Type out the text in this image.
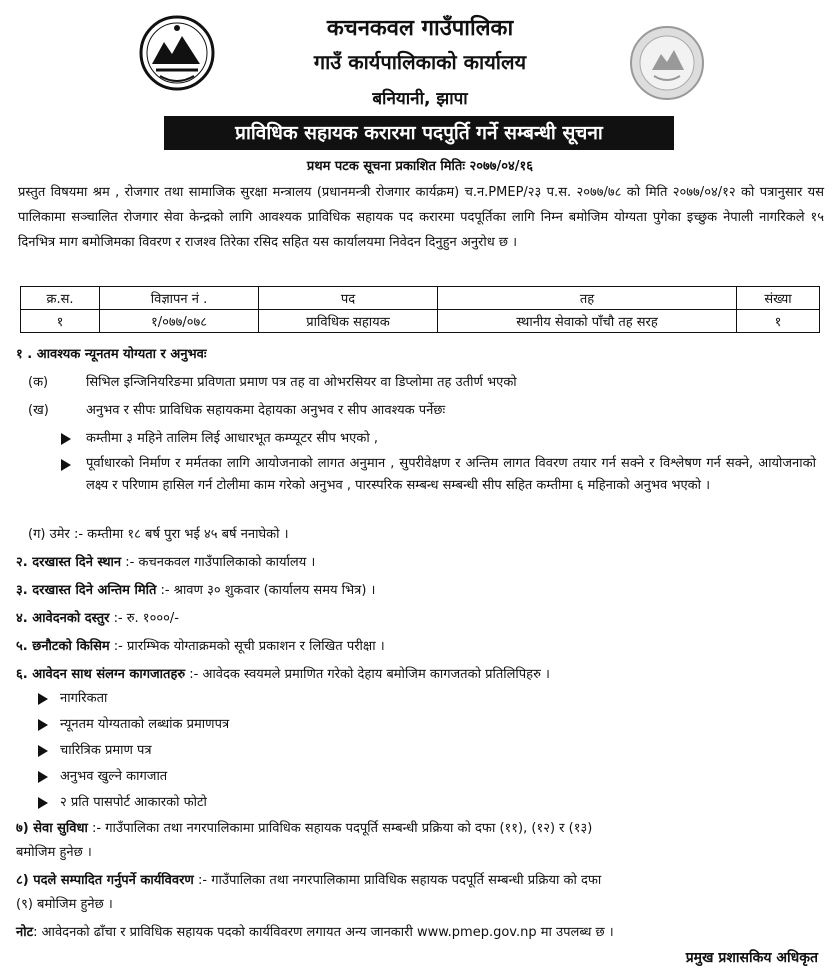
कचनकवल गाउँपालिका
गाउँ कार्यपालिकाको कार्यालय
बनियानी, झापा
प्राविधिक सहायक करारमा पदपुर्ति गर्ने सम्बन्धी सूचना
प्रथम पटक सूचना प्रकाशित मितिः २०७७/०४/१६
प्रस्तुत विषयमा श्रम , रोजगार तथा सामाजिक सुरक्षा मन्त्रालय (प्रधानमन्त्री रोजगार कार्यक्रम) च.न.PMEP/२३ प.स. २०७७/७८ को मिति २०७७/०४/१२ को पत्रानुसार यस पालिकामा सञ्चालित रोजगार सेवा केन्द्रको लागि आवश्यक प्राविधिक सहायक पद करारमा पदपूर्तिका लागि निम्न बमोजिम योग्यता पुगेका इच्छुक नेपाली नागरिकले १५ दिनभित्र माग बमोजिमका विवरण र राजश्व तिरेका रसिद सहित यस कार्यालयमा निवेदन दिनुहुन अनुरोध छ ।
क्र.स.	विज्ञापन नं .	पद	तह	संख्या
१	१/०७७/०७८	प्राविधिक सहायक	स्थानीय सेवाको पाँचौ तह सरह	१
१ . आवश्यक न्यूनतम योग्यता र अनुभवः
(क)	सिभिल इन्जिनियरिङमा प्रविणता प्रमाण पत्र तह वा ओभरसियर वा डिप्लोमा तह उतीर्ण भएको
(ख)	अनुभव र सीपः प्राविधिक सहायकमा देहायका अनुभव र सीप आवश्यक पर्नेछः
कम्तीमा ३ महिने तालिम लिई आधारभूत कम्प्यूटर सीप भएको ,
पूर्वाधारको निर्माण र मर्मतका लागि आयोजनाको लागत अनुमान , सुपरीवेक्षण र अन्तिम लागत विवरण तयार गर्न सक्ने र विश्लेषण गर्न सक्ने, आयोजनाको लक्ष्य र परिणाम हासिल गर्न टोलीमा काम गरेको अनुभव , पारस्परिक सम्बन्ध सम्बन्धी सीप सहित कम्तीमा ६ महिनाको अनुभव भएको ।
(ग) उमेर :- कम्तीमा १८ बर्ष पुरा भई ४५ बर्ष ननाघेको ।
२. दरखास्त दिने स्थान :- कचनकवल गाउँपालिकाको कार्यालय ।
३. दरखास्त दिने अन्तिम मिति :- श्रावण ३० शुकवार (कार्यालय समय भित्र) ।
४. आवेदनको दस्तुर :- रु. १०००/-
५. छनौटको किसिम :- प्रारम्भिक योग्ताक्रमको सूची प्रकाशन र लिखित परीक्षा ।
६. आवेदन साथ संलग्न कागजातहरु :- आवेदक स्वयमले प्रमाणित गरेको देहाय बमोजिम कागजतको प्रतिलिपिहरु ।
नागरिकता
न्यूनतम योग्यताको लब्धांक प्रमाणपत्र
चारित्रिक प्रमाण पत्र
अनुभव खुल्ने कागजात
२ प्रति पासपोर्ट आकारको फोटो
७) सेवा सुविधा :- गाउँपालिका तथा नगरपालिकामा प्राविधिक सहायक पदपूर्ति सम्बन्धी प्रक्रिया को दफा (११), (१२) र (१३)
बमोजिम हुनेछ ।
८) पदले सम्पादित गर्नुपर्ने कार्यविवरण :- गाउँपालिका तथा नगरपालिकामा प्राविधिक सहायक पदपूर्ति सम्बन्धी प्रक्रिया को दफा
(९) बमोजिम हुनेछ ।
नोट: आवेदनको ढाँचा र प्राविधिक सहायक पदको कार्यविवरण लगायत अन्य जानकारी www.pmep.gov.np मा उपलब्ध छ ।
प्रमुख प्रशासकिय अधिकृत
